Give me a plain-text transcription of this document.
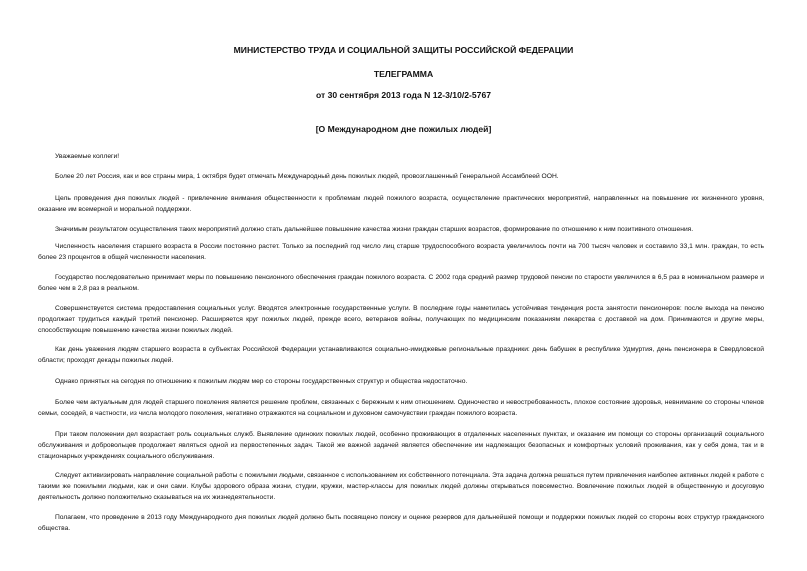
МИНИСТЕРСТВО ТРУДА И СОЦИАЛЬНОЙ ЗАЩИТЫ РОССИЙСКОЙ ФЕДЕРАЦИИ
ТЕЛЕГРАММА
от 30 сентября 2013 года N 12-3/10/2-5767
[О Международном дне пожилых людей]

Уважаемые коллеги!

Более 20 лет Россия, как и все страны мира, 1 октября будет отмечать Международный день пожилых людей, провозглашенный Генеральной Ассамблеей ООН.

Цель проведения дня пожилых людей - привлечение внимания общественности к проблемам людей пожилого возраста, осуществление практических мероприятий, направленных на повышение их жизненного уровня, оказание им всемерной и моральной поддержки.

Значимым результатом осуществления таких мероприятий должно стать дальнейшее повышение качества жизни граждан старших возрастов, формирование по отношению к ним позитивного отношения.

Численность населения старшего возраста в России постоянно растет. Только за последний год число лиц старше трудоспособного возраста увеличилось почти на 700 тысяч человек и составило 33,1 млн. граждан, то есть более 23 процентов в общей численности населения.

Государство последовательно принимает меры по повышению пенсионного обеспечения граждан пожилого возраста. С 2002 года средний размер трудовой пенсии по старости увеличился в 6,5 раз в номинальном размере и более чем в 2,8 раз в реальном.

Совершенствуется система предоставления социальных услуг. Вводятся электронные государственные услуги. В последние годы наметилась устойчивая тенденция роста занятости пенсионеров: после выхода на пенсию продолжает трудиться каждый третий пенсионер. Расширяется круг пожилых людей, прежде всего, ветеранов войны, получающих по медицинским показаниям лекарства с доставкой на дом. Принимаются и другие меры, способствующие повышению качества жизни пожилых людей.

Как день уважения людям старшего возраста в субъектах Российской Федерации устанавливаются социально-имиджевые региональные праздники: день бабушек в республике Удмуртия, день пенсионера в Свердловской области; проходят декады пожилых людей.

Однако принятых на сегодня по отношению к пожилым людям мер со стороны государственных структур и общества недостаточно.

Более чем актуальным для людей старшего поколения является решение проблем, связанных с бережным к ним отношением. Одиночество и невостребованность, плохое состояние здоровья, невнимание со стороны членов семьи, соседей, в частности, из числа молодого поколения, негативно отражаются на социальном и духовном самочувствии граждан пожилого возраста.

При таком положении дел возрастает роль социальных служб. Выявление одиноких пожилых людей, особенно проживающих в отдаленных населенных пунктах, и оказание им помощи со стороны организаций социального обслуживания и добровольцев продолжает являться одной из первостепенных задач. Такой же важной задачей является обеспечение им надлежащих безопасных и комфортных условий проживания, как у себя дома, так и в стационарных учреждениях социального обслуживания.

Следует активизировать направление социальной работы с пожилыми людьми, связанное с использованием их собственного потенциала. Эта задача должна решаться путем привлечения наиболее активных людей к работе с такими же пожилыми людьми, как и они сами. Клубы здорового образа жизни, студии, кружки, мастер-классы для пожилых людей должны открываться повсеместно. Вовлечение пожилых людей в общественную и досуговую деятельность должно положительно сказываться на их жизнедеятельности.

Полагаем, что проведение в 2013 году Международного дня пожилых людей должно быть посвящено поиску и оценке резервов для дальнейшей помощи и поддержки пожилых людей со стороны всех структур гражданского общества.
